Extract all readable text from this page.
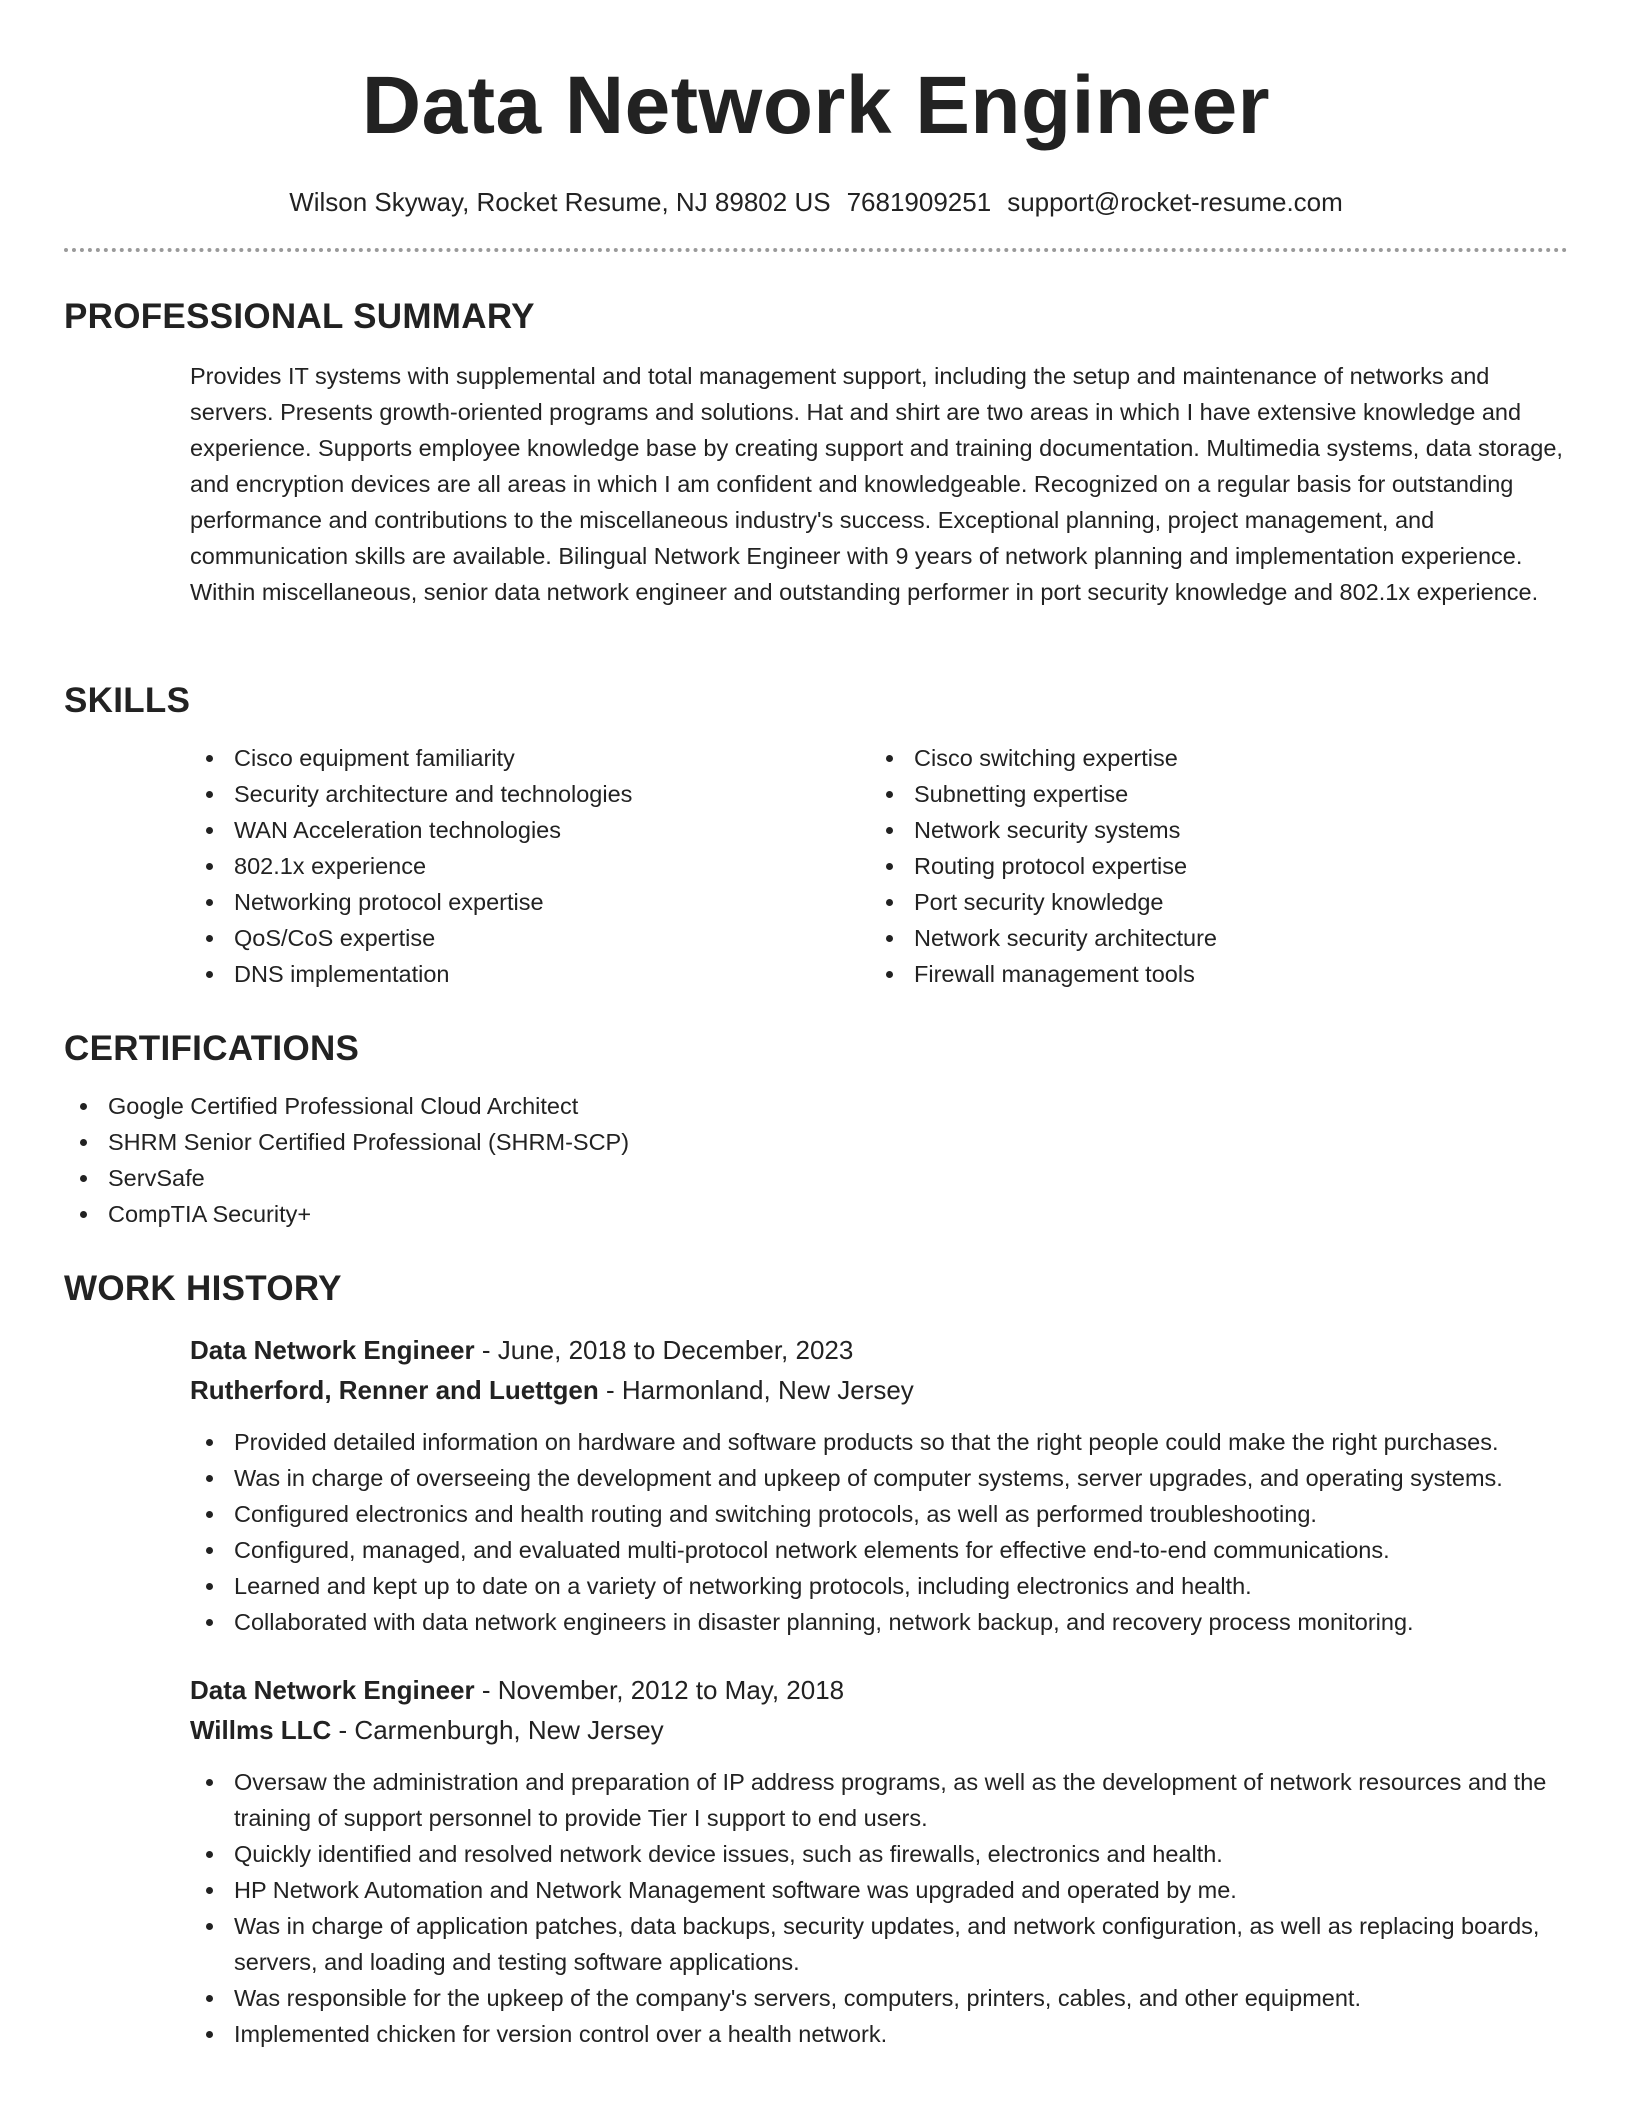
Data Network Engineer
Wilson Skyway, Rocket Resume, NJ 89802 US 7681909251 support@rocket-resume.com
PROFESSIONAL SUMMARY

Provides IT systems with supplemental and total management support, including the setup and maintenance of networks and servers. Presents growth-oriented programs and solutions. Hat and shirt are two areas in which I have extensive knowledge and experience. Supports employee knowledge base by creating support and training documentation. Multimedia systems, data storage, and encryption devices are all areas in which I am confident and knowledgeable. Recognized on a regular basis for outstanding performance and contributions to the miscellaneous industry's success. Exceptional planning, project management, and communication skills are available. Bilingual Network Engineer with 9 years of network planning and implementation experience. Within miscellaneous, senior data network engineer and outstanding performer in port security knowledge and 802.1x experience.

SKILLS
Cisco equipment familiarity
Security architecture and technologies
WAN Acceleration technologies
802.1x experience
Networking protocol expertise
QoS/CoS expertise
DNS implementation
Cisco switching expertise
Subnetting expertise
Network security systems
Routing protocol expertise
Port security knowledge
Network security architecture
Firewall management tools
CERTIFICATIONS
Google Certified Professional Cloud Architect
SHRM Senior Certified Professional (SHRM-SCP)
ServSafe
CompTIA Security+
WORK HISTORY
Data Network Engineer - June, 2018 to December, 2023
Rutherford, Renner and Luettgen - Harmonland, New Jersey
Provided detailed information on hardware and software products so that the right people could make the right purchases.
Was in charge of overseeing the development and upkeep of computer systems, server upgrades, and operating systems.
Configured electronics and health routing and switching protocols, as well as performed troubleshooting.
Configured, managed, and evaluated multi-protocol network elements for effective end-to-end communications.
Learned and kept up to date on a variety of networking protocols, including electronics and health.
Collaborated with data network engineers in disaster planning, network backup, and recovery process monitoring.
Data Network Engineer - November, 2012 to May, 2018
Willms LLC - Carmenburgh, New Jersey
Oversaw the administration and preparation of IP address programs, as well as the development of network resources and the training of support personnel to provide Tier I support to end users.
Quickly identified and resolved network device issues, such as firewalls, electronics and health.
HP Network Automation and Network Management software was upgraded and operated by me.
Was in charge of application patches, data backups, security updates, and network configuration, as well as replacing boards, servers, and loading and testing software applications.
Was responsible for the upkeep of the company's servers, computers, printers, cables, and other equipment.
Implemented chicken for version control over a health network.
